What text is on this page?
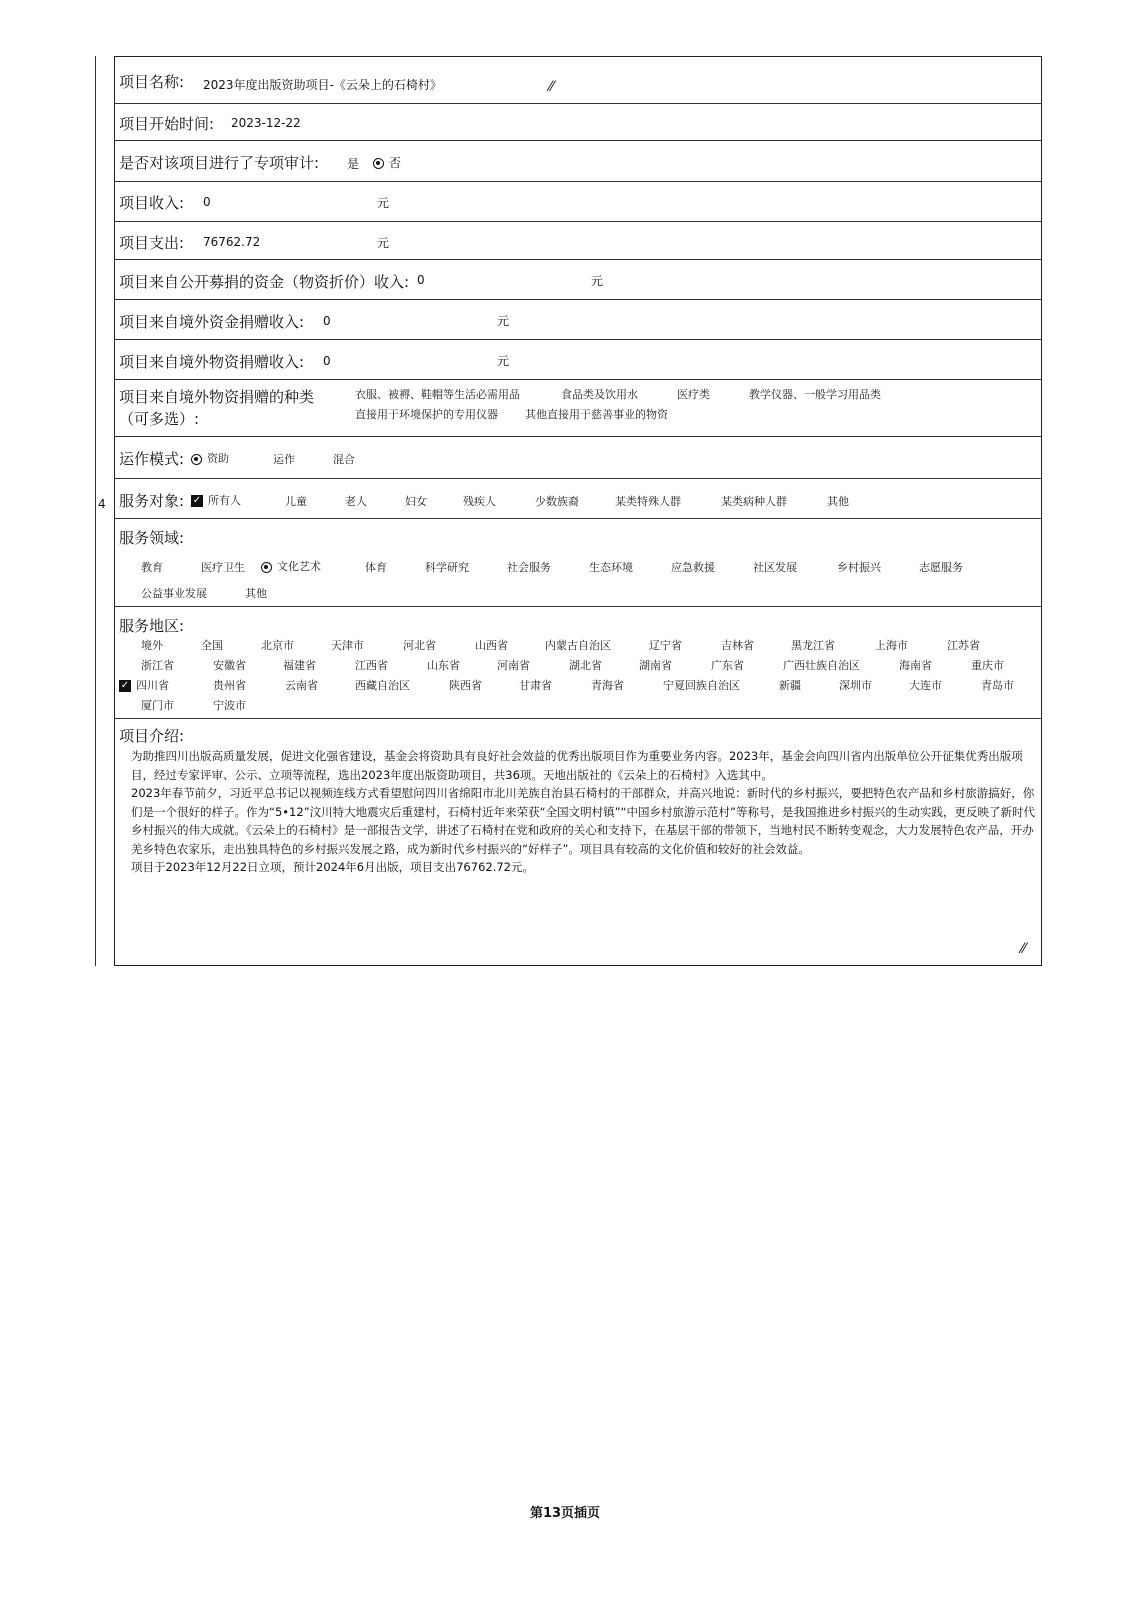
项目名称: 2023年度出版资助项目-《云朵上的石椅村》	⁄⁄
项目开始时间: 2023-12-22
是否对该项目进行了专项审计: 是	否
项目收入: 0	元
项目支出: 76762.72	元
项目来自公开募捐的资金（物资折价）收入: 0	元
项目来自境外资金捐赠收入: 0	元
项目来自境外物资捐赠收入: 0	元
项目来自境外物资捐赠的种类
（可多选）:
衣服、被褥、鞋帽等生活必需用品	食品类及饮用水	医疗类	教学仪器、一般学习用品类
直接用于环境保护的专用仪器 其他直接用于慈善事业的物资
运作模式:	资助	运作	混合
服务对象: ✓ 所有人	儿童	老人	妇女	残疾人	少数族裔	某类特殊人群	某类病种人群	其他
服务领域:
教育	医疗卫生	文化艺术	体育	科学研究	社会服务	生态环境	应急救援	社区发展	乡村振兴	志愿服务
公益事业发展	其他
服务地区:
境外	全国	北京市	天津市	河北省	山西省	内蒙古自治区	辽宁省	吉林省	黑龙江省	上海市	江苏省
浙江省	安徽省	福建省	江西省	山东省	河南省	湖北省	湖南省	广东省	广西壮族自治区	海南省	重庆市
✓ 四川省	贵州省	云南省	西藏自治区	陕西省	甘肃省	青海省	宁夏回族自治区	新疆	深圳市	大连市	青岛市
厦门市	宁波市
项目介绍:

为助推四川出版高质量发展，促进文化强省建设，基金会将资助具有良好社会效益的优秀出版项目作为重要业务内容。2023年，基金会向四川省内出版单位公开征集优秀出版项目，经过专家评审、公示、立项等流程，选出2023年度出版资助项目，共36项。天地出版社的《云朵上的石椅村》入选其中。

2023年春节前夕，习近平总书记以视频连线方式看望慰问四川省绵阳市北川羌族自治县石椅村的干部群众，并高兴地说：新时代的乡村振兴，要把特色农产品和乡村旅游搞好，你们是一个很好的样子。作为“5•12”汶川特大地震灾后重建村，石椅村近年来荣获“全国文明村镇”“中国乡村旅游示范村”等称号，是我国推进乡村振兴的生动实践，更反映了新时代乡村振兴的伟大成就。《云朵上的石椅村》是一部报告文学，讲述了石椅村在党和政府的关心和支持下，在基层干部的带领下，当地村民不断转变观念，大力发展特色农产品，开办羌乡特色农家乐，走出独具特色的乡村振兴发展之路，成为新时代乡村振兴的“好样子”。项目具有较高的文化价值和较好的社会效益。

项目于2023年12月22日立项，预计2024年6月出版，项目支出76762.72元。

⁄⁄
4
第13页插页
